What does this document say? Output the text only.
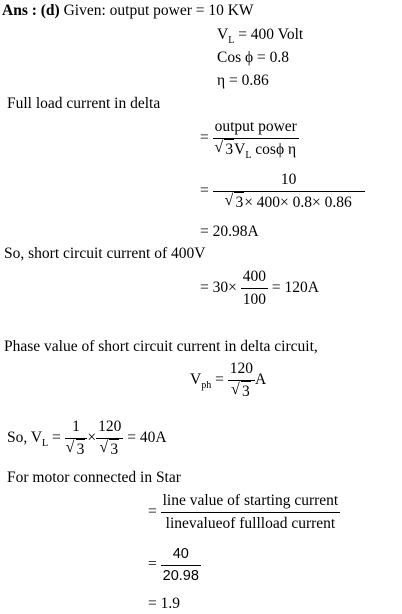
Ans : (d) Given: output power = 10 KW
$V_L = 400$ Volt
Cos ϕ = 0.8
η = 0.86
Full load current in delta
= output power
√ $3V_L$ cosϕ η
= 10
√ 3× 400× 0.8× 0.86
= 20.98A
So, short circuit current of 400V
= $30\times \frac{400}{100} = 120A$
Phase value of short circuit current in delta circuit,
$V_{ph} = 120$
√ 3 A
So, $V_L = 1$
√ 3 × 120
√ 3 = 40A
For motor connected in Star
= $\frac{\text{line value of starting current}}{\text{linevalueof fullload current}}$
= $\frac{40}{20.98}$
= 1.9
